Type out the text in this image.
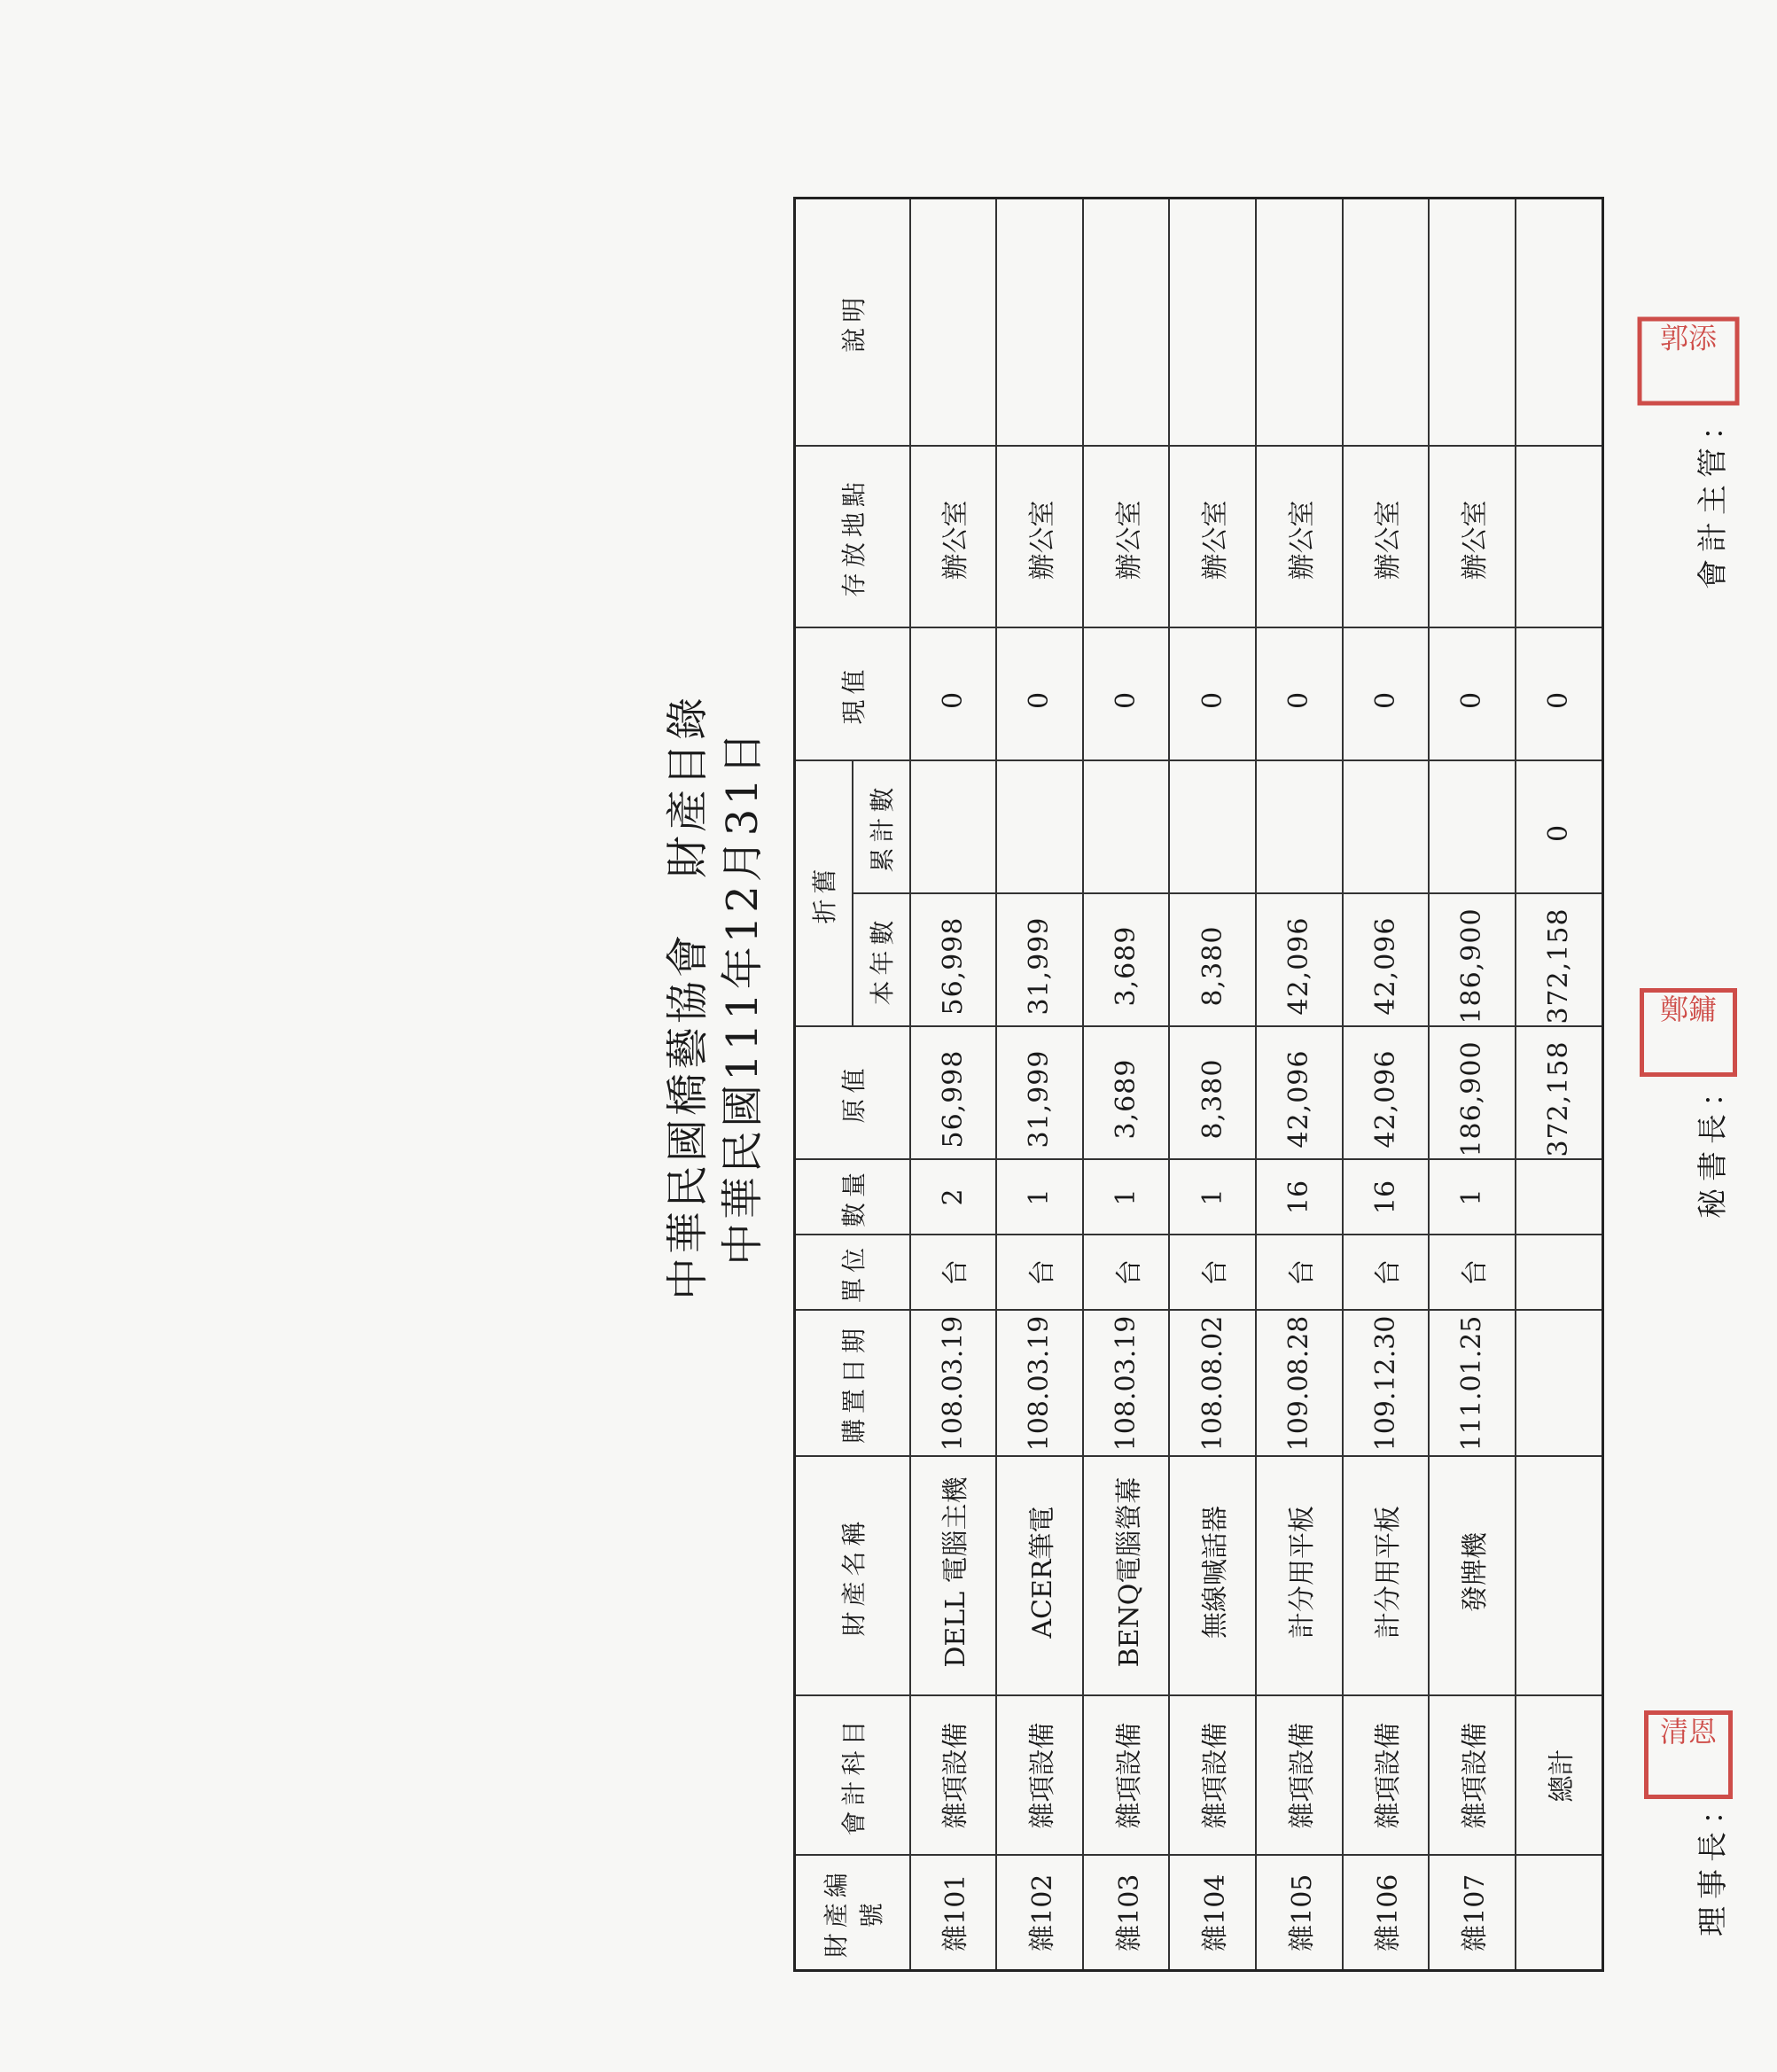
中華民國橋藝協會財產目錄 中華民國111年12月31日
財產編號	會計科目	財產名稱	購置日期	單位	數量	原值	折舊		現值	存放地點	說明
							本年數	累計數			
雜101	雜項設備	DELL 電腦主機	108.03.19	台	2	56,998	56,998		0	辦公室	
雜102	雜項設備	ACER筆電	108.03.19	台	1	31,999	31,999		0	辦公室	
雜103	雜項設備	BENQ電腦螢幕	108.03.19	台	1	3,689	3,689		0	辦公室	
雜104	雜項設備	無線喊話器	108.08.02	台	1	8,380	8,380		0	辦公室	
雜105	雜項設備	計分用平板	109.08.28	台	16	42,096	42,096		0	辦公室	
雜106	雜項設備	計分用平板	109.12.30	台	16	42,096	42,096		0	辦公室	
雜107	雜項設備	發牌機	111.01.25	台	1	186,900	186,900		0	辦公室	
	總計					372,158	372,158	0	0		
理事長：
清恩
秘書長：
鄭鏞
會計主管：
郭添
